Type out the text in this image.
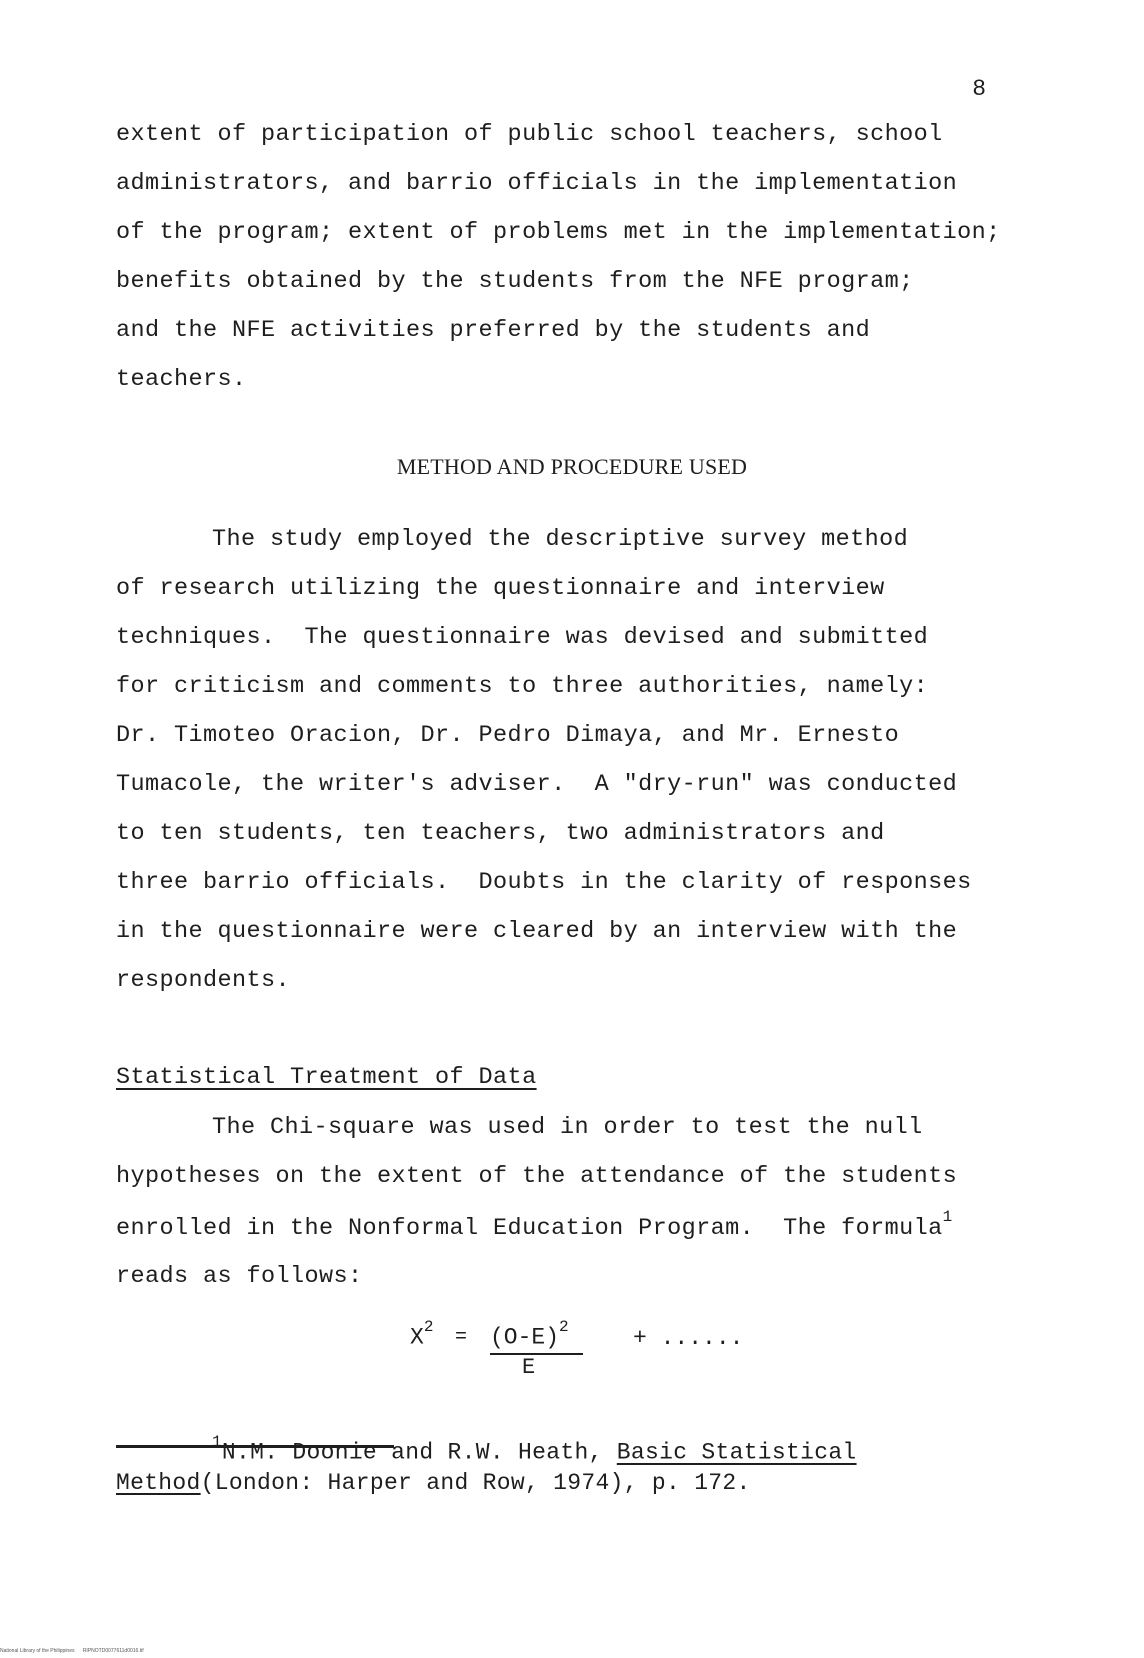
8
extent of participation of public school teachers, school
administrators, and barrio officials in the implementation
of the program; extent of problems met in the implementation;
benefits obtained by the students from the NFE program;
and the NFE activities preferred by the students and
teachers.
METHOD AND PROCEDURE USED
The study employed the descriptive survey method
of research utilizing the questionnaire and interview
techniques.  The questionnaire was devised and submitted
for criticism and comments to three authorities, namely:
Dr. Timoteo Oracion, Dr. Pedro Dimaya, and Mr. Ernesto
Tumacole, the writer's adviser.  A "dry-run" was conducted
to ten students, ten teachers, two administrators and
three barrio officials.  Doubts in the clarity of responses
in the questionnaire were cleared by an interview with the
respondents.
Statistical Treatment of Data
The Chi-square was used in order to test the null
hypotheses on the extent of the attendance of the students
enrolled in the Nonformal Education Program.  The formula$^1$
reads as follows:
$X^2 = (O-E)^2$
E
+ ......
$^1$N.M. Doonie and R.W. Heath, Basic Statistical
Method(London: Harper and Row, 1974), p. 172.
National Library of the Philippines      RIPNOTD0077611d0016.tif
